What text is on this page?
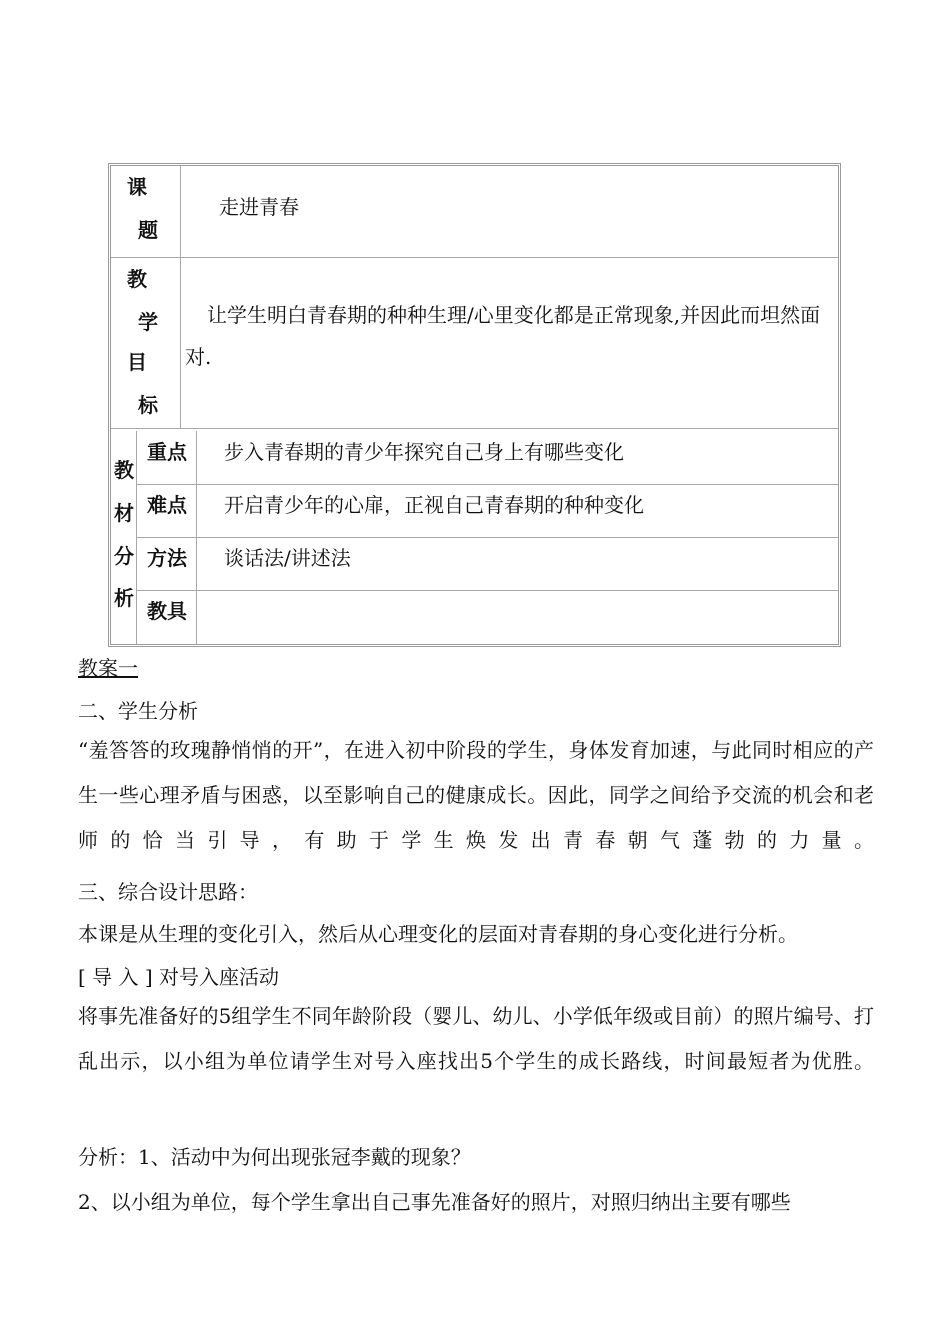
课
题
走进青春
教
学
目
标
让学生明白青春期的种种生理/心里变化都是正常现象,并因此而坦然面对.
教
材
分
析
重点 步入青春期的青少年探究自己身上有哪些变化
难点 开启青少年的心扉，正视自己青春期的种种变化
方法 谈话法/讲述法
教具
教案一
二、学生分析
“羞答答的玫瑰静悄悄的开”，在进入初中阶段的学生，身体发育加速，与此同时相应的产生一些心理矛盾与困惑，以至影响自己的健康成长。因此，同学之间给予交流的机会和老师的恰当引导，有助于学生焕发出青春朝气蓬勃的力量。
三、综合设计思路：
本课是从生理的变化引入，然后从心理变化的层面对青春期的身心变化进行分析。
[ 导 入 ] 对号入座活动
将事先准备好的5组学生不同年龄阶段（婴儿、幼儿、小学低年级或目前）的照片编号、打乱出示，以小组为单位请学生对号入座找出5个学生的成长路线，时间最短者为优胜。
分析：1、活动中为何出现张冠李戴的现象？
2、以小组为单位，每个学生拿出自己事先准备好的照片，对照归纳出主要有哪些
